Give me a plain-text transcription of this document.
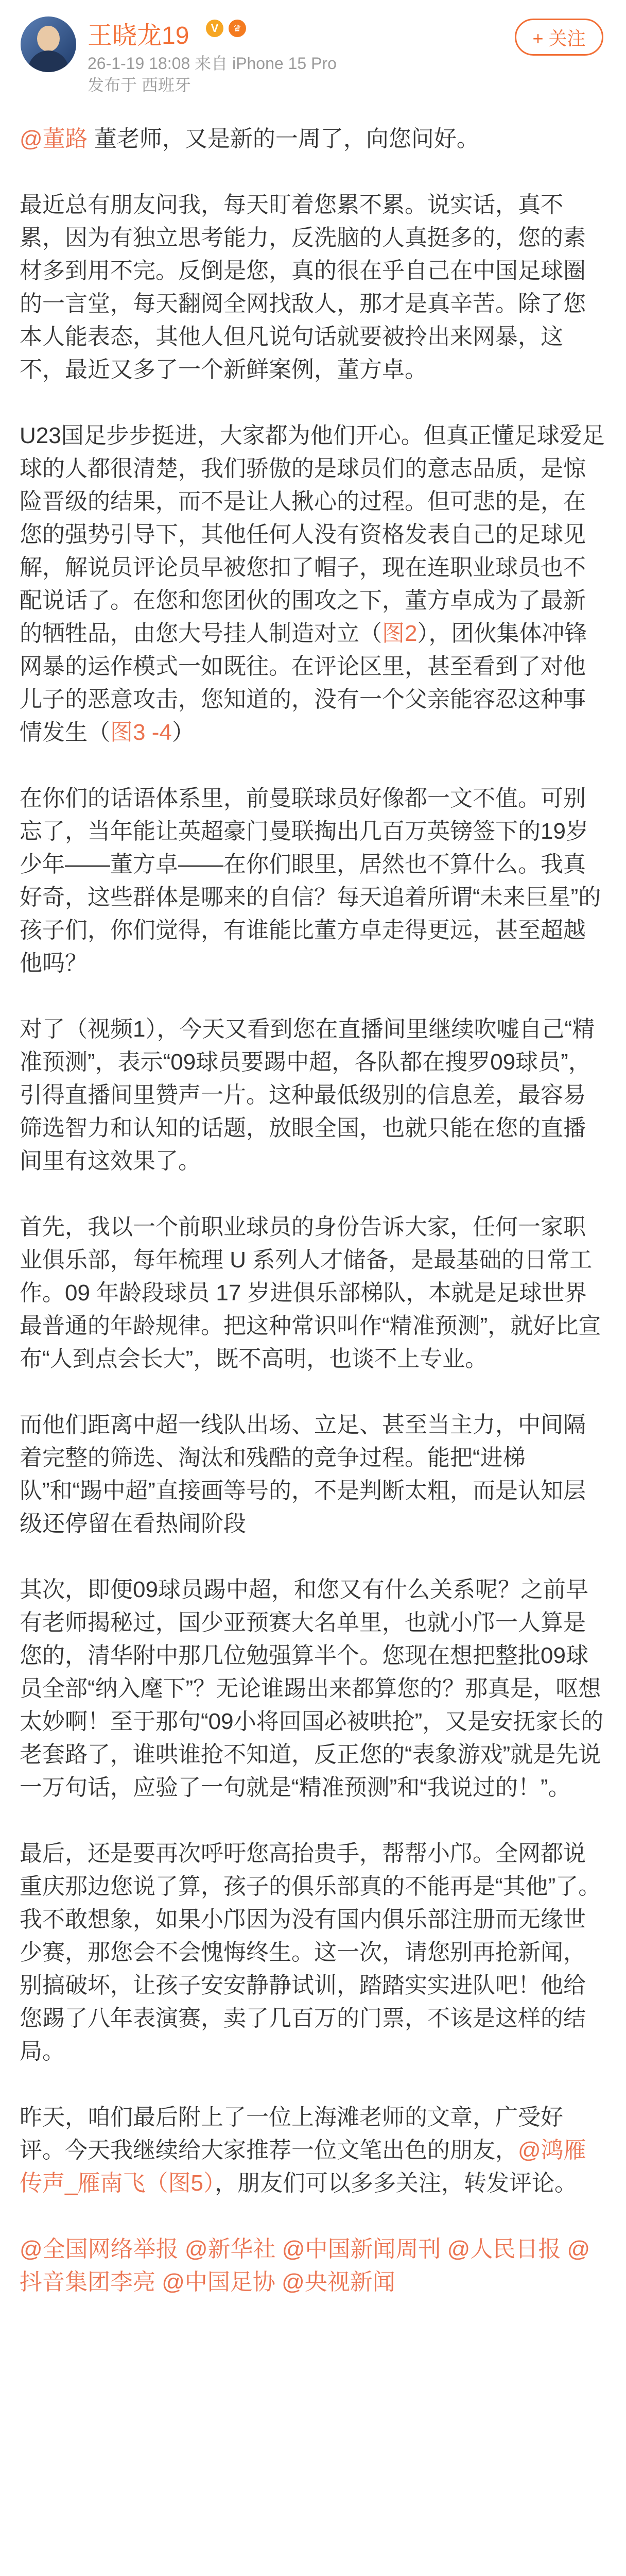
王晓龙19	V	♛
26-1-19 18:08 来自 iPhone 15 Pro
发布于 西班牙
+ 关注

@董路 董老师，又是新的一周了，向您问好。

最近总有朋友问我，每天盯着您累不累。说实话，真不累，因为有独立思考能力，反洗脑的人真挺多的，您的素材多到用不完。反倒是您，真的很在乎自己在中国足球圈的一言堂，每天翻阅全网找敌人，那才是真辛苦。除了您本人能表态，其他人但凡说句话就要被拎出来网暴，这不，最近又多了一个新鲜案例，董方卓。

U23国足步步挺进，大家都为他们开心。但真正懂足球爱足球的人都很清楚，我们骄傲的是球员们的意志品质，是惊险晋级的结果，而不是让人揪心的过程。但可悲的是，在您的强势引导下，其他任何人没有资格发表自己的足球见解，解说员评论员早被您扣了帽子，现在连职业球员也不配说话了。在您和您团伙的围攻之下，董方卓成为了最新的牺牲品，由您大号挂人制造对立（图2），团伙集体冲锋网暴的运作模式一如既往。在评论区里，甚至看到了对他儿子的恶意攻击，您知道的，没有一个父亲能容忍这种事情发生（图3 -4）

在你们的话语体系里，前曼联球员好像都一文不值。可别忘了，当年能让英超豪门曼联掏出几百万英镑签下的19岁少年——董方卓——在你们眼里，居然也不算什么。我真好奇，这些群体是哪来的自信？每天追着所谓“未来巨星”的孩子们，你们觉得，有谁能比董方卓走得更远，甚至超越他吗？

对了（视频1），今天又看到您在直播间里继续吹嘘自己“精准预测”，表示“09球员要踢中超，各队都在搜罗09球员”，引得直播间里赞声一片。这种最低级别的信息差，最容易筛选智力和认知的话题，放眼全国，也就只能在您的直播间里有这效果了。

首先，我以一个前职业球员的身份告诉大家，任何一家职业俱乐部，每年梳理 U 系列人才储备，是最基础的日常工作。09 年龄段球员 17 岁进俱乐部梯队，本就是足球世界最普通的年龄规律。把这种常识叫作“精准预测”，就好比宣布“人到点会长大”，既不高明，也谈不上专业。

而他们距离中超一线队出场、立足、甚至当主力，中间隔着完整的筛选、淘汰和残酷的竞争过程。能把“进梯队”和“踢中超”直接画等号的，不是判断太粗，而是认知层级还停留在看热闹阶段

其次，即便09球员踢中超，和您又有什么关系呢？之前早有老师揭秘过，国少亚预赛大名单里，也就小邝一人算是您的，清华附中那几位勉强算半个。您现在想把整批09球员全部“纳入麾下”？无论谁踢出来都算您的？那真是，呕想太妙啊！至于那句“09小将回国必被哄抢”，又是安抚家长的老套路了，谁哄谁抢不知道，反正您的“表象游戏”就是先说一万句话，应验了一句就是“精准预测”和“我说过的！”。

最后，还是要再次呼吁您高抬贵手，帮帮小邝。全网都说重庆那边您说了算，孩子的俱乐部真的不能再是“其他”了。我不敢想象，如果小邝因为没有国内俱乐部注册而无缘世少赛，那您会不会愧悔终生。这一次，请您别再抢新闻，别搞破坏，让孩子安安静静试训，踏踏实实进队吧！他给您踢了八年表演赛，卖了几百万的门票，不该是这样的结局。

昨天，咱们最后附上了一位上海滩老师的文章，广受好评。今天我继续给大家推荐一位文笔出色的朋友，@鸿雁传声_雁南飞（图5），朋友们可以多多关注，转发评论。

@全国网络举报 @新华社 @中国新闻周刊 @人民日报 @抖音集团李亮 @中国足协 @央视新闻
